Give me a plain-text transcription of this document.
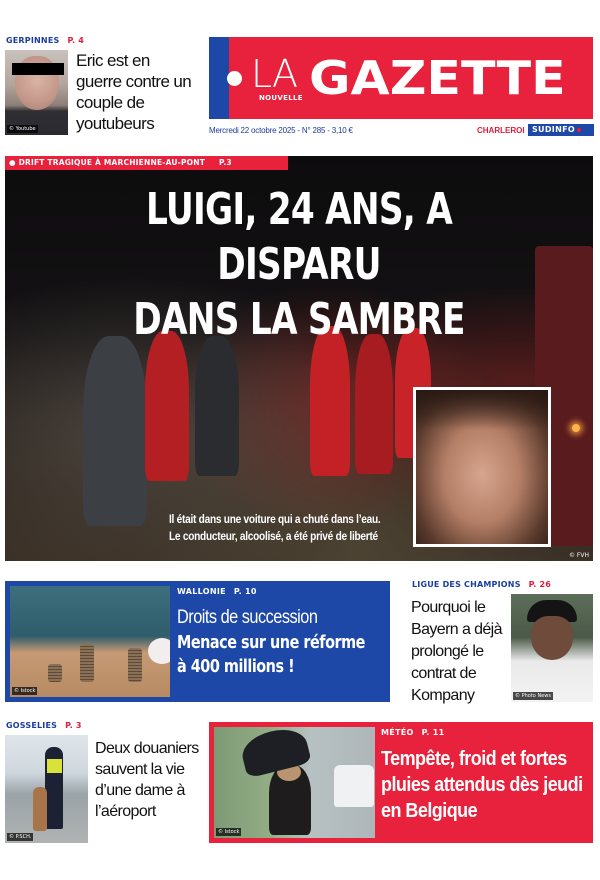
GERPINNES P. 4
© Youtube
Eric est en guerre contre un couple de youtubeurs
LA
NOUVELLE GAZETTE
Mercredi 22 octobre 2025 - N° 285 - 3,10 €	CHARLEROI SUDINFO
● DRIFT TRAGIQUE À MARCHIENNE-AU-PONT P.3
LUIGI, 24 ANS, A DISPARU
DANS LA SAMBRE
Il était dans une voiture qui a chuté dans l’eau.
Le conducteur, alcoolisé, a été privé de liberté
© FVH
© Istock
WALLONIE P. 10
Droits de succession
Menace sur une réforme
à 400 millions !
LIGUE DES CHAMPIONS P. 26
Pourquoi le Bayern a déjà prolongé le contrat de Kompany	© Photo News
GOSSELIES P. 3
© P.SCH.
Deux douaniers sauvent la vie d’une dame à l’aéroport
© Istock
MÉTÉO P. 11
Tempête, froid et fortes pluies attendus dès jeudi en Belgique
